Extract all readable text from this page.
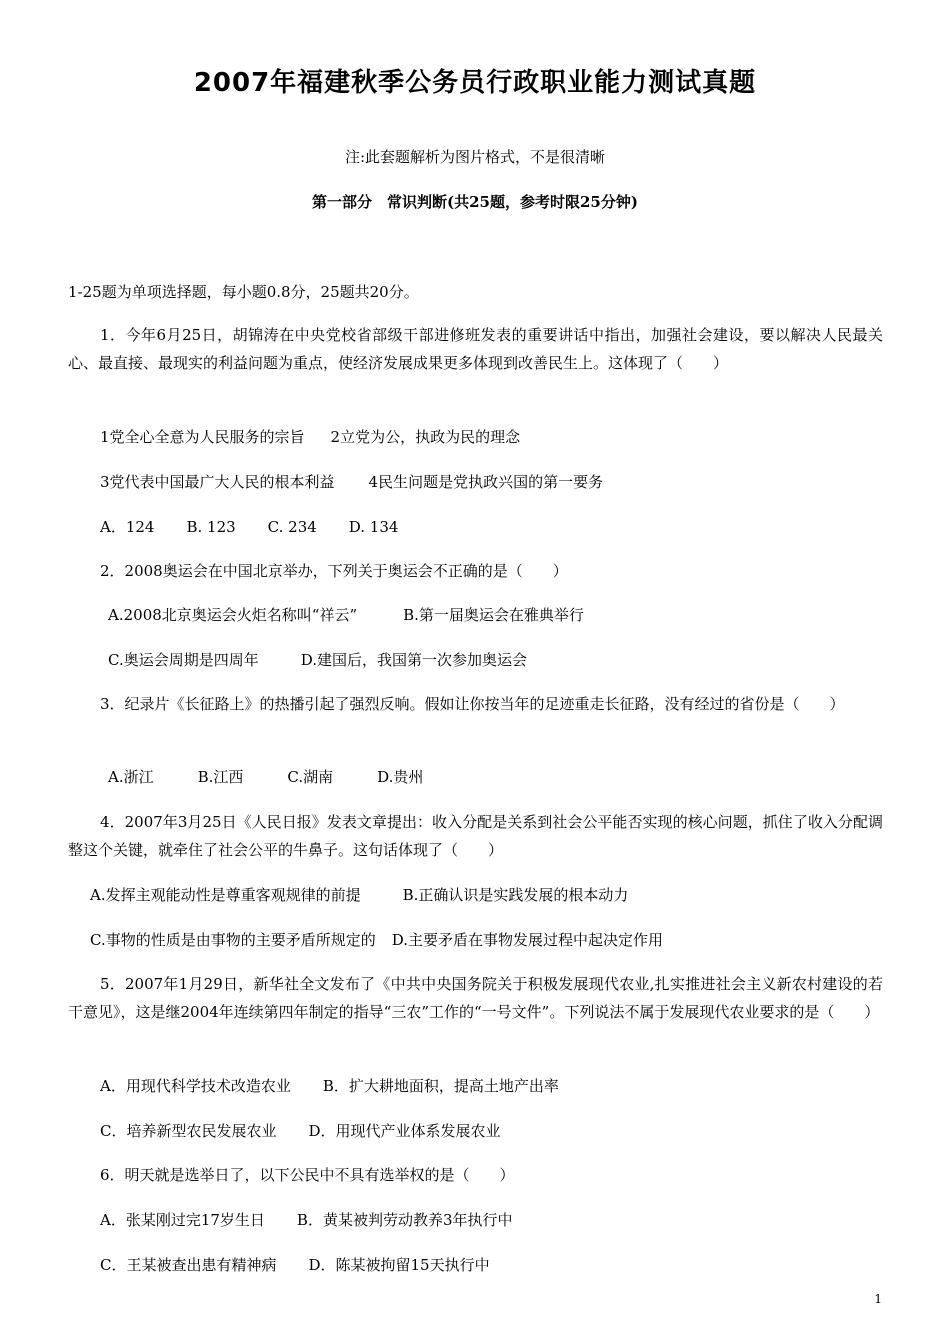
2007年福建秋季公务员行政职业能力测试真题
注:此套题解析为图片格式，不是很清晰
第一部分　常识判断(共25题，参考时限25分钟)
1-25题为单项选择题，每小题0.8分，25题共20分。
1．今年6月25日，胡锦涛在中央党校省部级干部进修班发表的重要讲话中指出，加强社会建设，要以解决人民最关心、最直接、最现实的利益问题为重点，使经济发展成果更多体现到改善民生上。这体现了（　　）
1党全心全意为人民服务的宗旨 2立党为公，执政为民的理念
3党代表中国最广大人民的根本利益 4民生问题是党执政兴国的第一要务
A．124 B. 123 C. 234 D. 134
2．2008奥运会在中国北京举办，下列关于奥运会不正确的是（　　）
A.2008北京奥运会火炬名称叫“祥云”	B.第一届奥运会在雅典举行
C.奥运会周期是四周年	D.建国后，我国第一次参加奥运会
3．纪录片《长征路上》的热播引起了强烈反响。假如让你按当年的足迹重走长征路，没有经过的省份是（　　）
A.浙江	B.江西	C.湖南	D.贵州
4．2007年3月25日《人民日报》发表文章提出：收入分配是关系到社会公平能否实现的核心问题，抓住了收入分配调整这个关键，就牵住了社会公平的牛鼻子。这句话体现了（　　）
A.发挥主观能动性是尊重客观规律的前提	B.正确认识是实践发展的根本动力
C.事物的性质是由事物的主要矛盾所规定的 D.主要矛盾在事物发展过程中起决定作用
5．2007年1月29日，新华社全文发布了《中共中央国务院关于积极发展现代农业,扎实推进社会主义新农村建设的若干意见》，这是继2004年连续第四年制定的指导“三农”工作的“一号文件”。下列说法不属于发展现代农业要求的是（　　）
A．用现代科学技术改造农业 B．扩大耕地面积，提高土地产出率
C．培养新型农民发展农业 D．用现代产业体系发展农业
6．明天就是选举日了，以下公民中不具有选举权的是（　　）
A．张某刚过完17岁生日 B．黄某被判劳动教养3年执行中
C．王某被查出患有精神病 D．陈某被拘留15天执行中
1
